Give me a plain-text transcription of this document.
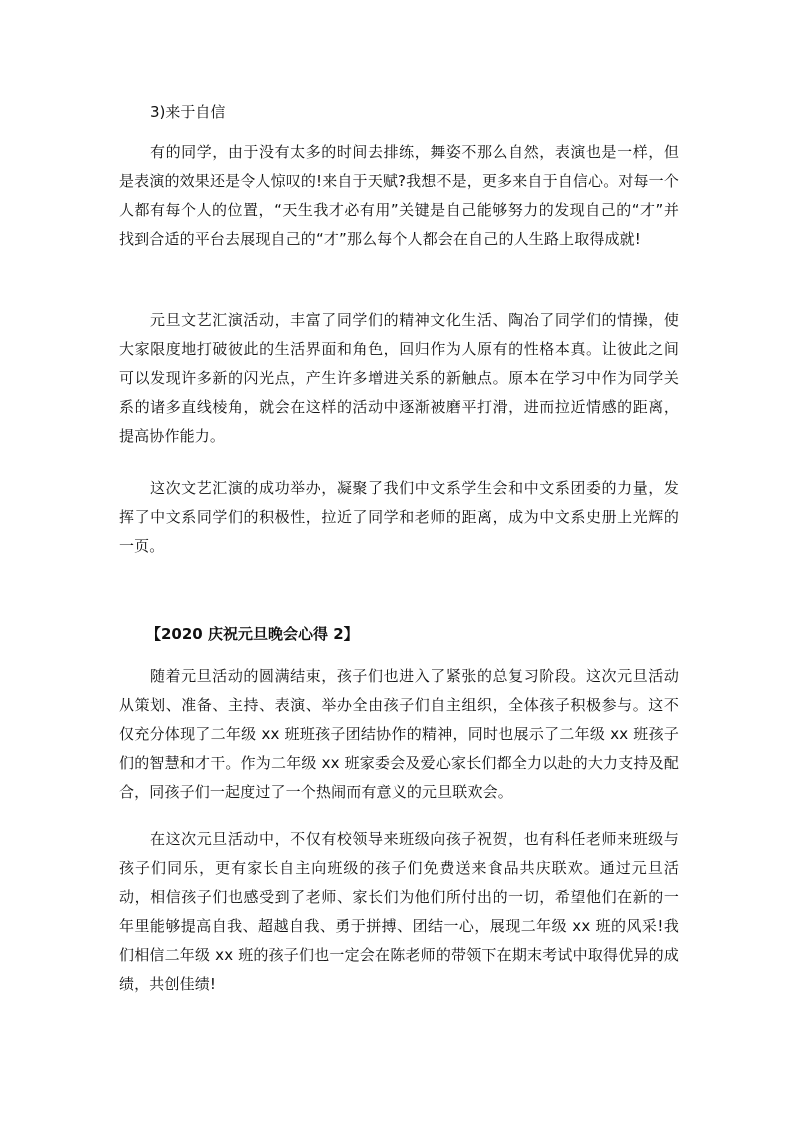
3)来于自信

有的同学，由于没有太多的时间去排练，舞姿不那么自然，表演也是一样，但是表演的效果还是令人惊叹的!来自于天赋?我想不是，更多来自于自信心。对每一个人都有每个人的位置，“天生我才必有用”关键是自己能够努力的发现自己的“才”并找到合适的平台去展现自己的“才”那么每个人都会在自己的人生路上取得成就!

元旦文艺汇演活动，丰富了同学们的精神文化生活、陶冶了同学们的情操，使大家限度地打破彼此的生活界面和角色，回归作为人原有的性格本真。让彼此之间可以发现许多新的闪光点，产生许多增进关系的新触点。原本在学习中作为同学关系的诸多直线棱角，就会在这样的活动中逐渐被磨平打滑，进而拉近情感的距离，提高协作能力。

这次文艺汇演的成功举办，凝聚了我们中文系学生会和中文系团委的力量，发挥了中文系同学们的积极性，拉近了同学和老师的距离，成为中文系史册上光辉的一页。

【2020 庆祝元旦晚会心得 2】

随着元旦活动的圆满结束，孩子们也进入了紧张的总复习阶段。这次元旦活动从策划、准备、主持、表演、举办全由孩子们自主组织，全体孩子积极参与。这不仅充分体现了二年级 xx 班班孩子团结协作的精神，同时也展示了二年级 xx 班孩子们的智慧和才干。作为二年级 xx 班家委会及爱心家长们都全力以赴的大力支持及配合，同孩子们一起度过了一个热闹而有意义的元旦联欢会。

在这次元旦活动中，不仅有校领导来班级向孩子祝贺，也有科任老师来班级与孩子们同乐，更有家长自主向班级的孩子们免费送来食品共庆联欢。通过元旦活动，相信孩子们也感受到了老师、家长们为他们所付出的一切，希望他们在新的一年里能够提高自我、超越自我、勇于拼搏、团结一心，展现二年级 xx 班的风采!我们相信二年级 xx 班的孩子们也一定会在陈老师的带领下在期末考试中取得优异的成绩，共创佳绩!
